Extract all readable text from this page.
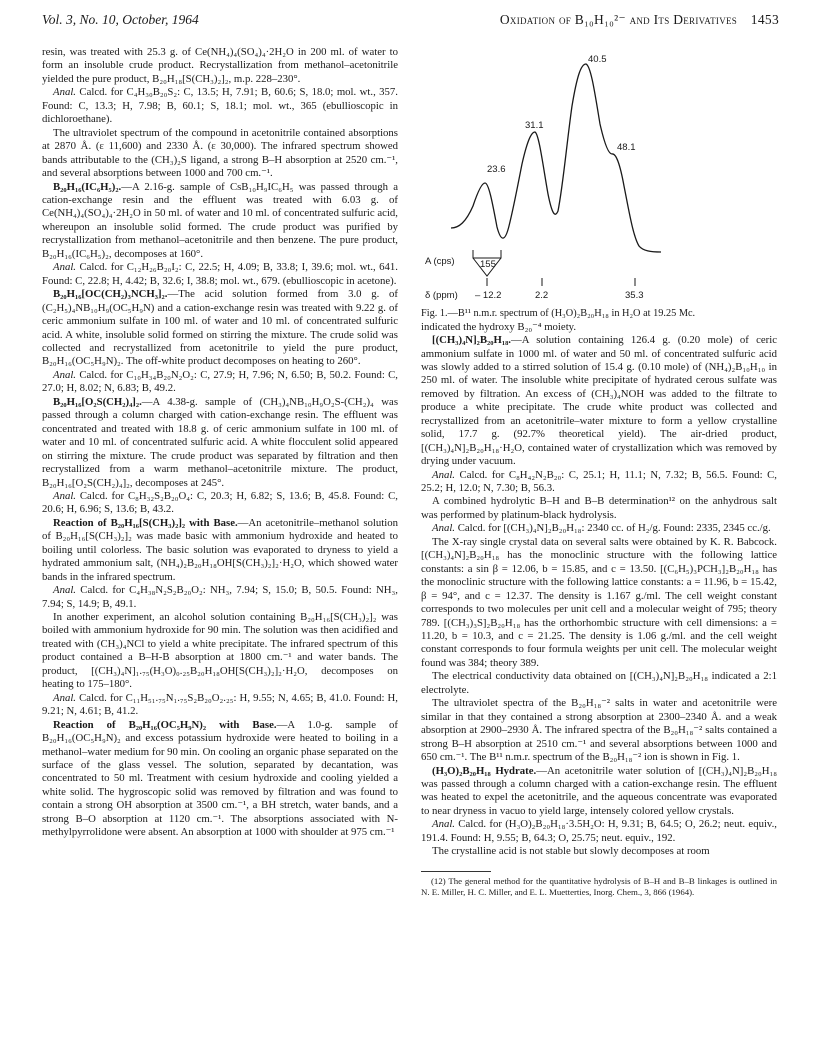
Vol. 3, No. 10, October, 1964	Oxidation of B₁₀H₁₀²⁻ and Its Derivatives 1453

resin, was treated with 25.3 g. of Ce(NH₄)₄(SO₄)₄·2H₂O in 200 ml. of water to form an insoluble crude product. Recrystallization from methanol–acetonitrile yielded the pure product, B₂₀H₁₈[S(CH₃)₂]₂, m.p. 228–230°.

Anal. Calcd. for C₄H₃₀B₂₀S₂: C, 13.5; H, 7.91; B, 60.6; S, 18.0; mol. wt., 357. Found: C, 13.3; H, 7.98; B, 60.1; S, 18.1; mol. wt., 365 (ebullioscopic in dichloroethane).

The ultraviolet spectrum of the compound in acetonitrile contained absorptions at 2870 Å. (ε 11,600) and 2330 Å. (ε 30,000). The infrared spectrum showed bands attributable to the (CH₃)₂S ligand, a strong B–H absorption at 2520 cm.⁻¹, and several absorptions between 1000 and 700 cm.⁻¹.

B₂₀H₁₆(IC₆H₅)₂.—A 2.16-g. sample of CsB₁₀H₉IC₆H₅ was passed through a cation-exchange resin and the effluent was treated with 6.03 g. of Ce(NH₄)₄(SO₄)₄·2H₂O in 50 ml. of water and 10 ml. of concentrated sulfuric acid, whereupon an insoluble solid formed. The crude product was purified by recrystallization from methanol–acetonitrile and then benzene. The pure product, B₂₀H₁₆(IC₆H₅)₂, decomposes at 160°.

Anal. Calcd. for C₁₂H₂₆B₂₀I₂: C, 22.5; H, 4.09; B, 33.8; I, 39.6; mol. wt., 641. Found: C, 22.8; H, 4.42; B, 32.6; I, 38.8; mol. wt., 679. (ebullioscopic in acetone).

B₂₀H₁₆[OC(CH₂)₃NCH₃]₂.—The acid solution formed from 3.0 g. of (C₂H₅)₄NB₁₀H₉(OC₅H₉N) and a cation-exchange resin was treated with 9.22 g. of ceric ammonium sulfate in 100 ml. of water and 10 ml. of concentrated sulfuric acid. A white, insoluble solid formed on stirring the mixture. The crude solid was collected and recrystallized from acetonitrile to yield the pure product, B₂₀H₁₆(OC₅H₉N)₂. The off-white product decomposes on heating to 260°.

Anal. Calcd. for C₁₀H₃₄B₂₀N₂O₂: C, 27.9; H, 7.96; N, 6.50; B, 50.2. Found: C, 27.0; H, 8.02; N, 6.83; B, 49.2.

B₂₀H₁₆[O₂S(CH₂)₄]₂.—A 4.38-g. sample of (CH₃)₄NB₁₀H₉O₂S-(CH₂)₄ was passed through a column charged with cation-exchange resin. The effluent was concentrated and treated with 18.8 g. of ceric ammonium sulfate in 100 ml. of water and 10 ml. of concentrated sulfuric acid. A white flocculent solid appeared on stirring the mixture. The crude product was separated by filtration and then recrystallized from a warm methanol–acetonitrile mixture. The product, B₂₀H₁₆[O₂S(CH₂)₄]₂, decomposes at 245°.

Anal. Calcd. for C₈H₃₂S₂B₂₀O₄: C, 20.3; H, 6.82; S, 13.6; B, 45.8. Found: C, 20.6; H, 6.96; S, 13.6; B, 43.2.

Reaction of B₂₀H₁₆[S(CH₃)₂]₂ with Base.—An acetonitrile–methanol solution of B₂₀H₁₆[S(CH₃)₂]₂ was made basic with ammonium hydroxide and heated to boiling until colorless. The basic solution was evaporated to dryness to yield a hydrated ammonium salt, (NH₄)₂B₂₀H₁₈OH[S(CH₃)₂]₂·H₂O, which showed water bands in the infrared spectrum.

Anal. Calcd. for C₄H₃₈N₂S₂B₂₀O₂: NH₃, 7.94; S, 15.0; B, 50.5. Found: NH₃, 7.94; S, 14.9; B, 49.1.

In another experiment, an alcohol solution containing B₂₀H₁₆[S(CH₃)₂]₂ was boiled with ammonium hydroxide for 90 min. The solution was then acidified and treated with (CH₃)₄NCl to yield a white precipitate. The infrared spectrum of this product contained a B–H-B absorption at 1800 cm.⁻¹ and water bands. The product, [(CH₃)₄N]₁.₇₅(H₃O)₀.₂₅B₂₀H₁₈OH[S(CH₃)₂]₂·H₂O, decomposes on heating to 175–180°.

Anal. Calcd. for C₁₁H₅₁.₇₅N₁.₇₅S₂B₂₀O₂.₂₅: H, 9.55; N, 4.65; B, 41.0. Found: H, 9.21; N, 4.61; B, 41.2.

Reaction of B₂₀H₁₆(OC₅H₉N)₂ with Base.—A 1.0-g. sample of B₂₀H₁₆(OC₅H₉N)₂ and excess potassium hydroxide were heated to boiling in a methanol–water medium for 90 min. On cooling an organic phase separated on the surface of the glass vessel. The solution, separated by decantation, was concentrated to 50 ml. Treatment with cesium hydroxide and cooling yielded a white solid. The hygroscopic solid was removed by filtration and was found to contain a strong OH absorption at 3500 cm.⁻¹, a BH stretch, water bands, and a strong B–O absorption at 1120 cm.⁻¹. The absorptions associated with N-methylpyrrolidone were absent. An absorption at 1000 with shoulder at 975 cm.⁻¹

23.6
31.1
40.5
48.1
A (cps)	155
δ (ppm) – 12.2	2.2	35.3

Fig. 1.—B¹¹ n.m.r. spectrum of (H₃O)₂B₂₀H₁₈ in H₂O at 19.25 Mc.

indicated the hydroxy B₂₀⁻⁴ moiety.

[(CH₃)₄N]₂B₂₀H₁₈.—A solution containing 126.4 g. (0.20 mole) of ceric ammonium sulfate in 1000 ml. of water and 50 ml. of concentrated sulfuric acid was slowly added to a stirred solution of 15.4 g. (0.10 mole) of (NH₄)₂B₁₀H₁₀ in 250 ml. of water. The insoluble white precipitate of hydrated cerous sulfate was removed by filtration. An excess of (CH₃)₄NOH was added to the filtrate to produce a white precipitate. The crude white product was collected and recrystallized from an acetonitrile–water mixture to form a yellow crystalline solid, 17.7 g. (92.7% theoretical yield). The air-dried product, [(CH₃)₄N]₂B₂₀H₁₈·H₂O, contained water of crystallization which was removed by drying under vacuum.

Anal. Calcd. for C₈H₄₂N₂B₂₀: C, 25.1; H, 11.1; N, 7.32; B, 56.5. Found: C, 25.2; H, 12.0; N, 7.30; B, 56.3.

A combined hydrolytic B–H and B–B determination¹² on the anhydrous salt was performed by platinum-black hydrolysis.

Anal. Calcd. for [(CH₃)₄N]₂B₂₀H₁₈: 2340 cc. of H₂/g. Found: 2335, 2345 cc./g.

The X-ray single crystal data on several salts were obtained by K. R. Babcock. [(CH₃)₄N]₂B₂₀H₁₈ has the monoclinic structure with the following lattice constants: a sin β = 12.06, b = 15.85, and c = 13.50. [(C₆H₅)₃PCH₃]₂B₂₀H₁₈ has the monoclinic structure with the following lattice constants: a = 11.96, b = 15.42, β = 94°, and c = 12.37. The density is 1.167 g./ml. The cell weight constant corresponds to two molecules per unit cell and a molecular weight of 795; theory 789. [(CH₃)₃S]₂B₂₀H₁₈ has the orthorhombic structure with cell dimensions: a = 11.20, b = 10.3, and c = 21.25. The density is 1.06 g./ml. and the cell weight constant corresponds to four formula weights per unit cell. The molecular weight found was 384; theory 389.

The electrical conductivity data obtained on [(CH₃)₄N]₂B₂₀H₁₈ indicated a 2:1 electrolyte.

The ultraviolet spectra of the B₂₀H₁₈⁻² salts in water and acetonitrile were similar in that they contained a strong absorption at 2300–2340 Å. and a weak absorption at 2900–2930 Å. The infrared spectra of the B₂₀H₁₈⁻² salts contained a strong B–H absorption at 2510 cm.⁻¹ and several absorptions between 1000 and 650 cm.⁻¹. The B¹¹ n.m.r. spectrum of the B₂₀H₁₈⁻² ion is shown in Fig. 1.

(H₃O)₂B₂₀H₁₈ Hydrate.—An acetonitrile water solution of [(CH₃)₄N]₂B₂₀H₁₈ was passed through a column charged with a cation-exchange resin. The effluent was heated to expel the acetonitrile, and the aqueous concentrate was evaporated to near dryness in vacuo to yield large, intensely colored yellow crystals.

Anal. Calcd. for (H₃O)₂B₂₀H₁₈·3.5H₂O: H, 9.31; B, 64.5; O, 26.2; neut. equiv., 191.4. Found: H, 9.55; B, 64.3; O, 25.75; neut. equiv., 192.

The crystalline acid is not stable but slowly decomposes at room

(12) The general method for the quantitative hydrolysis of B–H and B–B linkages is outlined in N. E. Miller, H. C. Miller, and E. L. Muetterties, Inorg. Chem., 3, 866 (1964).
